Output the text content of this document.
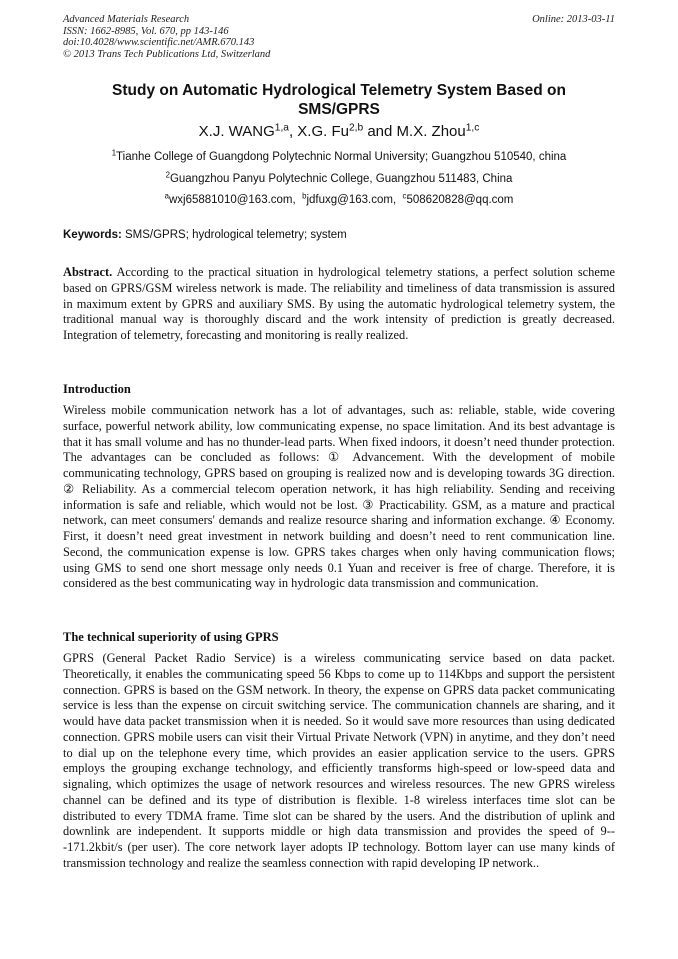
Advanced Materials Research
ISSN: 1662-8985, Vol. 670, pp 143-146
doi:10.4028/www.scientific.net/AMR.670.143
© 2013 Trans Tech Publications Ltd, Switzerland
Online: 2013-03-11
Study on Automatic Hydrological Telemetry System Based on
SMS/GPRS
X.J. WANG$^{1,a}$, X.G. Fu$^{2,b}$ and M.X. Zhou$^{1,c}$
$^1$Tianhe College of Guangdong Polytechnic Normal University; Guangzhou 510540, china
$^2$Guangzhou Panyu Polytechnic College, Guangzhou 511483, China
$^a$wxj65881010@163.com, $^b$jdfuxg@163.com, $^c$508620828@qq.com
Keywords: SMS/GPRS; hydrological telemetry; system
Abstract. According to the practical situation in hydrological telemetry stations, a perfect solution scheme based on GPRS/GSM wireless network is made. The reliability and timeliness of data transmission is assured in maximum extent by GPRS and auxiliary SMS. By using the automatic hydrological telemetry system, the traditional manual way is thoroughly discard and the work intensity of prediction is greatly decreased. Integration of telemetry, forecasting and monitoring is really realized.
Introduction
Wireless mobile communication network has a lot of advantages, such as: reliable, stable, wide covering surface, powerful network ability, low communicating expense, no space limitation. And its best advantage is that it has small volume and has no thunder-lead parts. When fixed indoors, it doesn’t need thunder protection. The advantages can be concluded as follows: ① Advancement. With the development of mobile communicating technology, GPRS based on grouping is realized now and is developing towards 3G direction. ② Reliability. As a commercial telecom operation network, it has high reliability. Sending and receiving information is safe and reliable, which would not be lost. ③ Practicability. GSM, as a mature and practical network, can meet consumers' demands and realize resource sharing and information exchange. ④ Economy. First, it doesn’t need great investment in network building and doesn’t need to rent communication line. Second, the communication expense is low. GPRS takes charges when only having communication flows; using GMS to send one short message only needs 0.1 Yuan and receiver is free of charge. Therefore, it is considered as the best communicating way in hydrologic data transmission and communication.
The technical superiority of using GPRS
GPRS (General Packet Radio Service) is a wireless communicating service based on data packet. Theoretically, it enables the communicating speed 56 Kbps to come up to 114Kbps and support the persistent connection. GPRS is based on the GSM network. In theory, the expense on GPRS data packet communicating service is less than the expense on circuit switching service. The communication channels are sharing, and it would have data packet transmission when it is needed. So it would save more resources than using dedicated connection. GPRS mobile users can visit their Virtual Private Network (VPN) in anytime, and they don’t need to dial up on the telephone every time, which provides an easier application service to the users. GPRS employs the grouping exchange technology, and efficiently transforms high-speed or low-speed data and signaling, which optimizes the usage of network resources and wireless resources. The new GPRS wireless channel can be defined and its type of distribution is flexible. 1-8 wireless interfaces time slot can be distributed to every TDMA frame. Time slot can be shared by the users. And the distribution of uplink and downlink are independent. It supports middle or high data transmission and provides the speed of 9---171.2kbit/s (per user). The core network layer adopts IP technology. Bottom layer can use many kinds of transmission technology and realize the seamless connection with rapid developing IP network..
